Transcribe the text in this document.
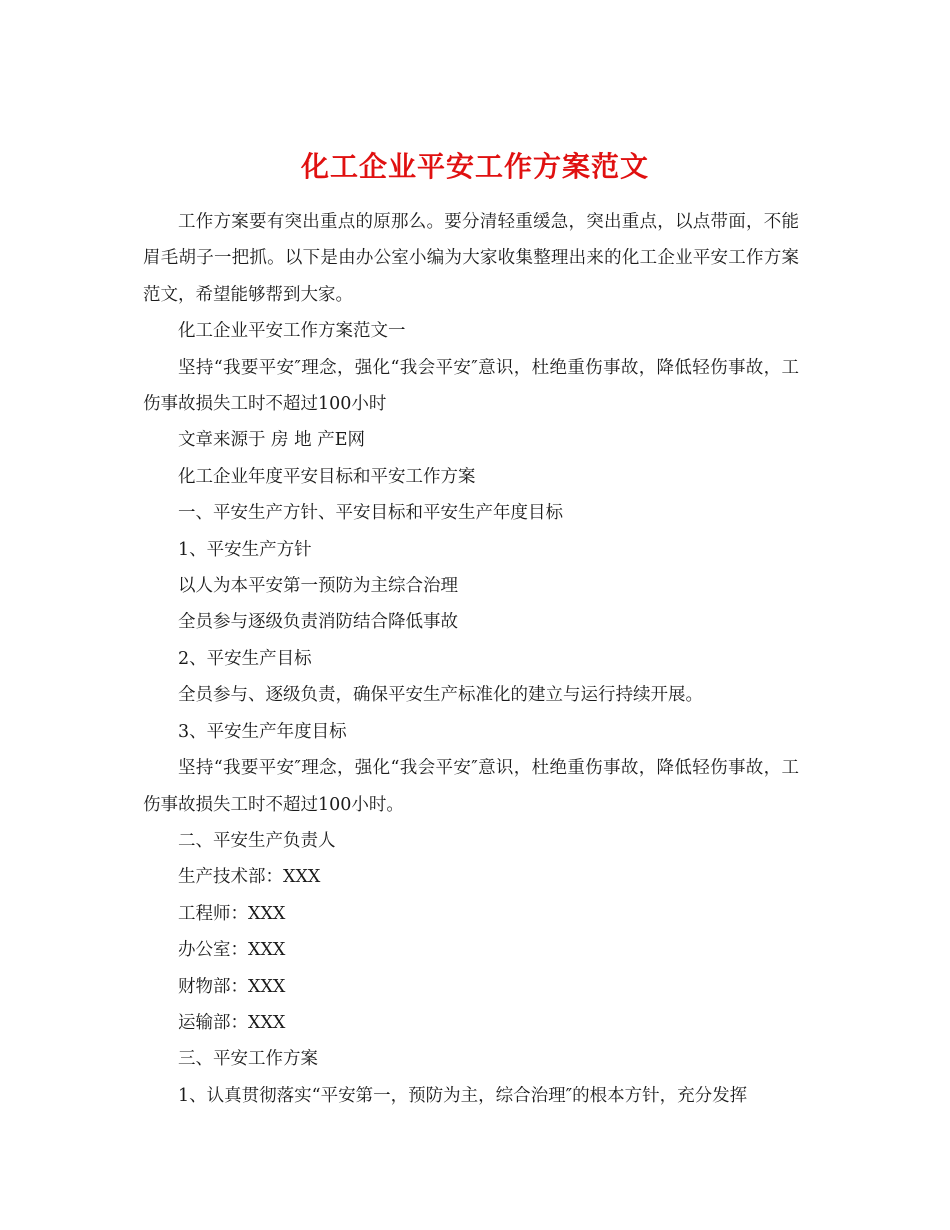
化工企业平安工作方案范文

工作方案要有突出重点的原那么。要分清轻重缓急，突出重点，以点带面，不能眉毛胡子一把抓。以下是由办公室小编为大家收集整理出来的化工企业平安工作方案范文，希望能够帮到大家。

化工企业平安工作方案范文一

坚持“我要平安″理念，强化“我会平安″意识，杜绝重伤事故，降低轻伤事故，工伤事故损失工时不超过100小时

文章来源于 房 地 产E网

化工企业年度平安目标和平安工作方案

一、平安生产方针、平安目标和平安生产年度目标

1、平安生产方针

以人为本平安第一预防为主综合治理

全员参与逐级负责消防结合降低事故

2、平安生产目标

全员参与、逐级负责，确保平安生产标准化的建立与运行持续开展。

3、平安生产年度目标

坚持“我要平安″理念，强化“我会平安″意识，杜绝重伤事故，降低轻伤事故，工伤事故损失工时不超过100小时。

二、平安生产负责人

生产技术部：XXX

工程师：XXX

办公室：XXX

财物部：XXX

运输部：XXX

三、平安工作方案

1、认真贯彻落实“平安第一，预防为主，综合治理″的根本方针，充分发挥
